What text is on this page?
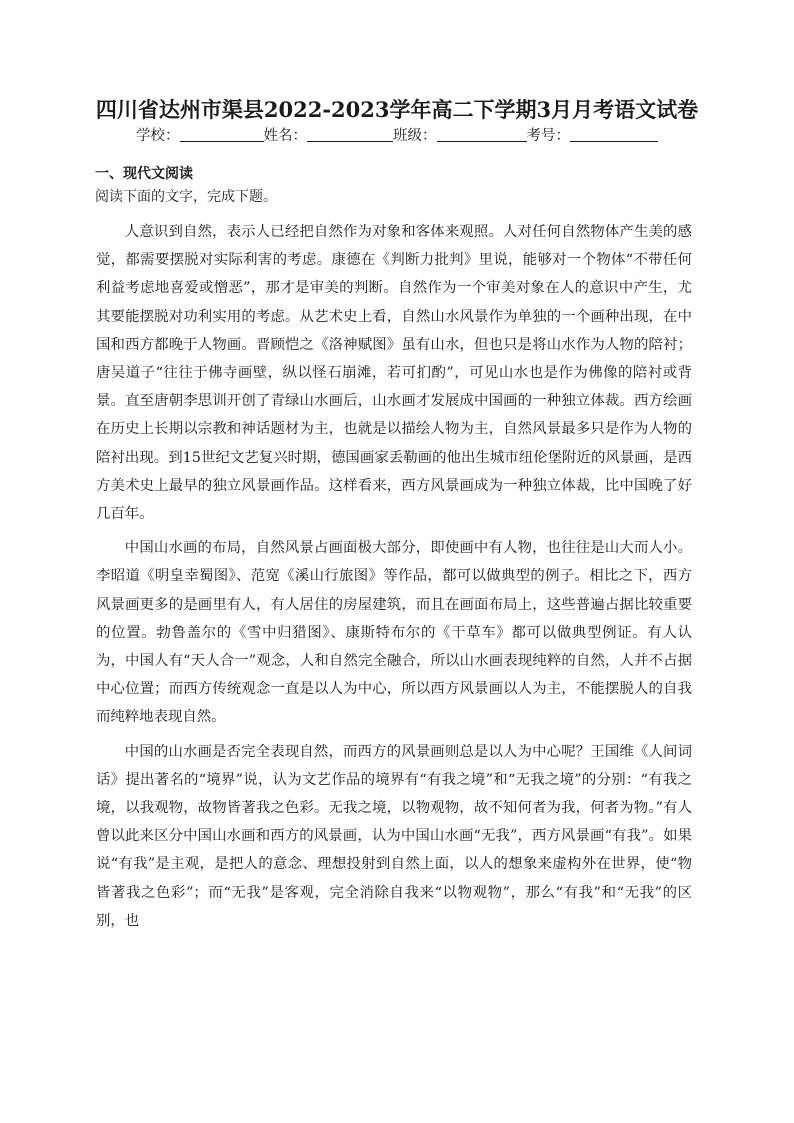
四川省达州市渠县2022-2023学年高二下学期3月月考语文试卷
学校：	姓名：	班级：	考号：
一、现代文阅读
阅读下面的文字，完成下题。

人意识到自然，表示人已经把自然作为对象和客体来观照。人对任何自然物体产生美的感觉，都需要摆脱对实际利害的考虑。康德在《判断力批判》里说，能够对一个物体“不带任何利益考虑地喜爱或憎恶”，那才是审美的判断。自然作为一个审美对象在人的意识中产生，尤其要能摆脱对功利实用的考虑。从艺术史上看，自然山水风景作为单独的一个画种出现，在中国和西方都晚于人物画。晋顾恺之《洛神赋图》虽有山水，但也只是将山水作为人物的陪衬；唐吴道子“往往于佛寺画壁，纵以怪石崩滩，若可扪酌”，可见山水也是作为佛像的陪衬或背景。直至唐朝李思训开创了青绿山水画后，山水画才发展成中国画的一种独立体裁。西方绘画在历史上长期以宗教和神话题材为主，也就是以描绘人物为主，自然风景最多只是作为人物的陪衬出现。到15世纪文艺复兴时期，德国画家丢勒画的他出生城市纽伦堡附近的风景画，是西方美术史上最早的独立风景画作品。这样看来，西方风景画成为一种独立体裁，比中国晚了好几百年。

中国山水画的布局，自然风景占画面极大部分，即使画中有人物，也往往是山大而人小。李昭道《明皇幸蜀图》、范宽《溪山行旅图》等作品，都可以做典型的例子。相比之下，西方风景画更多的是画里有人，有人居住的房屋建筑，而且在画面布局上，这些普遍占据比较重要的位置。勃鲁盖尔的《雪中归猎图》、康斯特布尔的《干草车》都可以做典型例证。有人认为，中国人有“天人合一”观念，人和自然完全融合，所以山水画表现纯粹的自然，人并不占据中心位置；而西方传统观念一直是以人为中心，所以西方风景画以人为主，不能摆脱人的自我而纯粹地表现自然。

中国的山水画是否完全表现自然，而西方的风景画则总是以人为中心呢？王国维《人间词话》提出著名的“境界”说，认为文艺作品的境界有“有我之境”和“无我之境”的分别：“有我之境，以我观物，故物皆著我之色彩。无我之境，以物观物，故不知何者为我，何者为物。”有人曾以此来区分中国山水画和西方的风景画，认为中国山水画“无我”，西方风景画“有我”。如果说“有我”是主观，是把人的意念、理想投射到自然上面，以人的想象来虚构外在世界，使“物皆著我之色彩”；而“无我”是客观，完全消除自我来“以物观物”，那么“有我”和“无我”的区别，也
